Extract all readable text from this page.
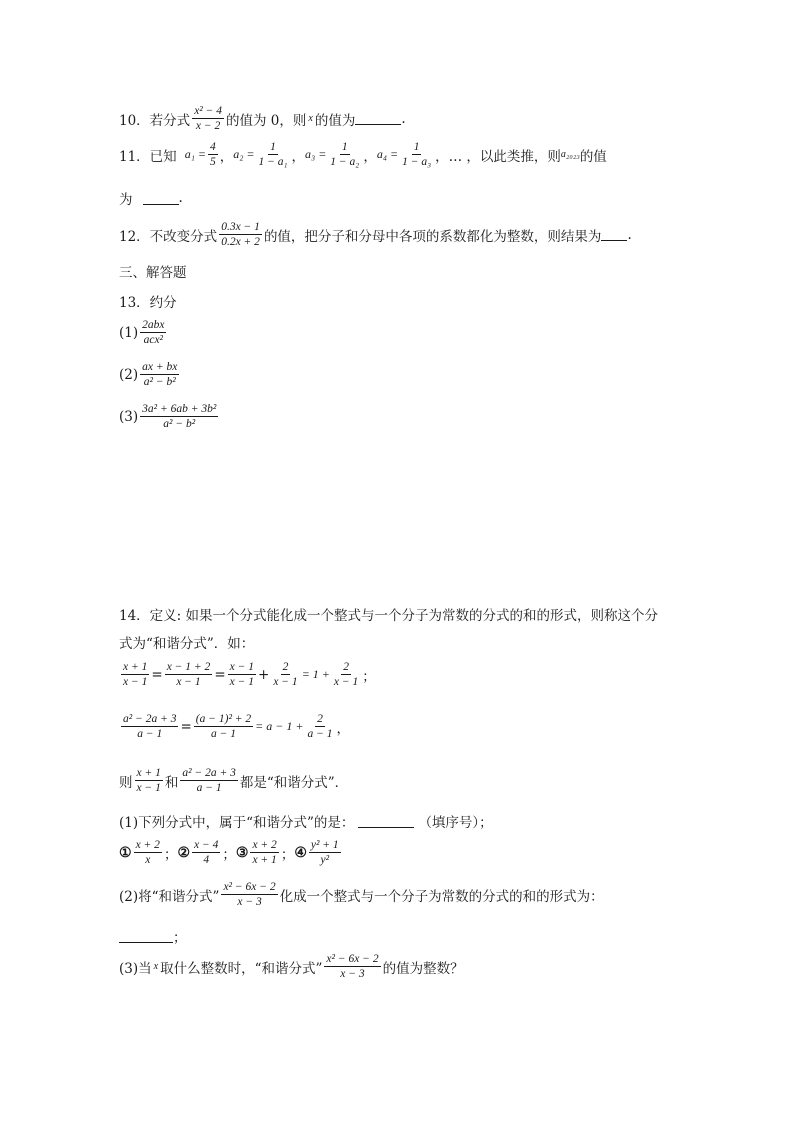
10．若分式 $\frac{\text{x² − 4}}{x - 2}$ 的值为 0，则 x 的值为	.
11．已知 $a_1 = \frac{4}{5}$ ， $a_2 = \frac{1}{\text{1 − a₁}}$ ， $a_3 = \frac{1}{\text{1 − a₂}}$ ， $a_4 = \frac{1}{\text{1 − a₃}}$ ， … ，以此类推，则 a₂₀₂₃ 的值
为	.
12．不改变分式 $\frac{0.3x - 1}{0.2x + 2}$ 的值，把分子和分母中各项的系数都化为整数，则结果为 .
三、解答题
13．约分
$(1) \frac{\text{2abx}}{\text{acx²}}$
$(2) \frac{ax + bx}{\text{a² − b²}}$
$(3) \frac{\text{3a² + 6ab + 3b²}}{\text{a² − b²}}$
14．定义: 如果一个分式能化成一个整式与一个分子为常数的分式的和的形式，则称这个分
式为“和谐分式”．如：
$\frac{x + 1}{x - 1} = \frac{x - 1 + 2}{x - 1} = \frac{x - 1}{x - 1} + \frac{2}{x - 1} = 1 + \frac{2}{x - 1}$ ；
$\frac{\text{a² − 2a + 3}}{a - 1} = \frac{\text{(a − 1)² + 2}}{a - 1} = a - 1 + \frac{2}{a - 1}$ ，
则 $\frac{x + 1}{x - 1}$ 和 $\frac{\text{a² − 2a + 3}}{a - 1}$ 都是“和谐分式”．
(1)下列分式中，属于“和谐分式”的是：	（填序号）；
① $\frac{x + 2}{x}$ ； ② $\frac{x - 4}{4}$ ； ③ $\frac{x + 2}{x + 1}$ ； ④ $\frac{\text{y² + 1}}{\text{y²}}$
(2)将“和谐分式” $\frac{\text{x² − 6x − 2}}{x - 3}$ 化成一个整式与一个分子为常数的分式的和的形式为：
；
(3)当 x 取什么整数时，“和谐分式” $\frac{\text{x² − 6x − 2}}{x - 3}$ 的值为整数？
